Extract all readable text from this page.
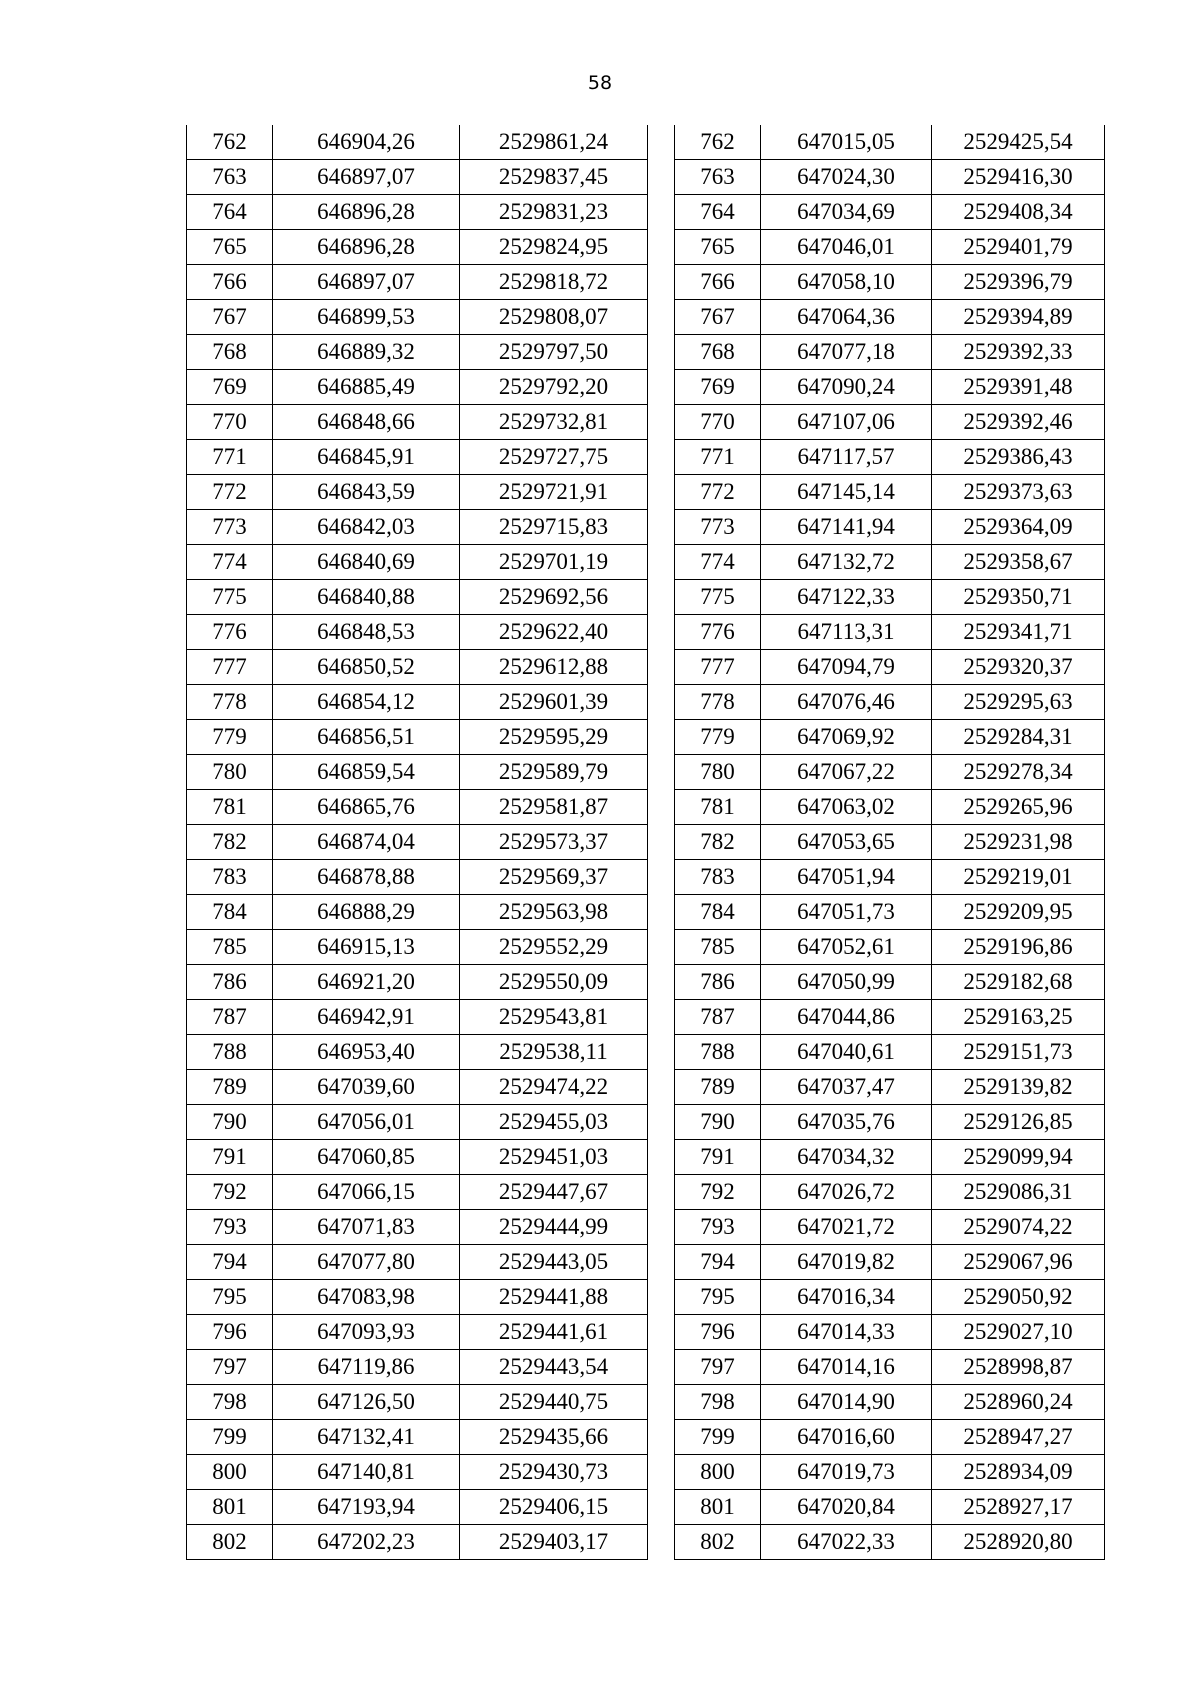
58
762	646904,26	2529861,24
763	646897,07	2529837,45
764	646896,28	2529831,23
765	646896,28	2529824,95
766	646897,07	2529818,72
767	646899,53	2529808,07
768	646889,32	2529797,50
769	646885,49	2529792,20
770	646848,66	2529732,81
771	646845,91	2529727,75
772	646843,59	2529721,91
773	646842,03	2529715,83
774	646840,69	2529701,19
775	646840,88	2529692,56
776	646848,53	2529622,40
777	646850,52	2529612,88
778	646854,12	2529601,39
779	646856,51	2529595,29
780	646859,54	2529589,79
781	646865,76	2529581,87
782	646874,04	2529573,37
783	646878,88	2529569,37
784	646888,29	2529563,98
785	646915,13	2529552,29
786	646921,20	2529550,09
787	646942,91	2529543,81
788	646953,40	2529538,11
789	647039,60	2529474,22
790	647056,01	2529455,03
791	647060,85	2529451,03
792	647066,15	2529447,67
793	647071,83	2529444,99
794	647077,80	2529443,05
795	647083,98	2529441,88
796	647093,93	2529441,61
797	647119,86	2529443,54
798	647126,50	2529440,75
799	647132,41	2529435,66
800	647140,81	2529430,73
801	647193,94	2529406,15
802	647202,23	2529403,17
762	647015,05	2529425,54
763	647024,30	2529416,30
764	647034,69	2529408,34
765	647046,01	2529401,79
766	647058,10	2529396,79
767	647064,36	2529394,89
768	647077,18	2529392,33
769	647090,24	2529391,48
770	647107,06	2529392,46
771	647117,57	2529386,43
772	647145,14	2529373,63
773	647141,94	2529364,09
774	647132,72	2529358,67
775	647122,33	2529350,71
776	647113,31	2529341,71
777	647094,79	2529320,37
778	647076,46	2529295,63
779	647069,92	2529284,31
780	647067,22	2529278,34
781	647063,02	2529265,96
782	647053,65	2529231,98
783	647051,94	2529219,01
784	647051,73	2529209,95
785	647052,61	2529196,86
786	647050,99	2529182,68
787	647044,86	2529163,25
788	647040,61	2529151,73
789	647037,47	2529139,82
790	647035,76	2529126,85
791	647034,32	2529099,94
792	647026,72	2529086,31
793	647021,72	2529074,22
794	647019,82	2529067,96
795	647016,34	2529050,92
796	647014,33	2529027,10
797	647014,16	2528998,87
798	647014,90	2528960,24
799	647016,60	2528947,27
800	647019,73	2528934,09
801	647020,84	2528927,17
802	647022,33	2528920,80
